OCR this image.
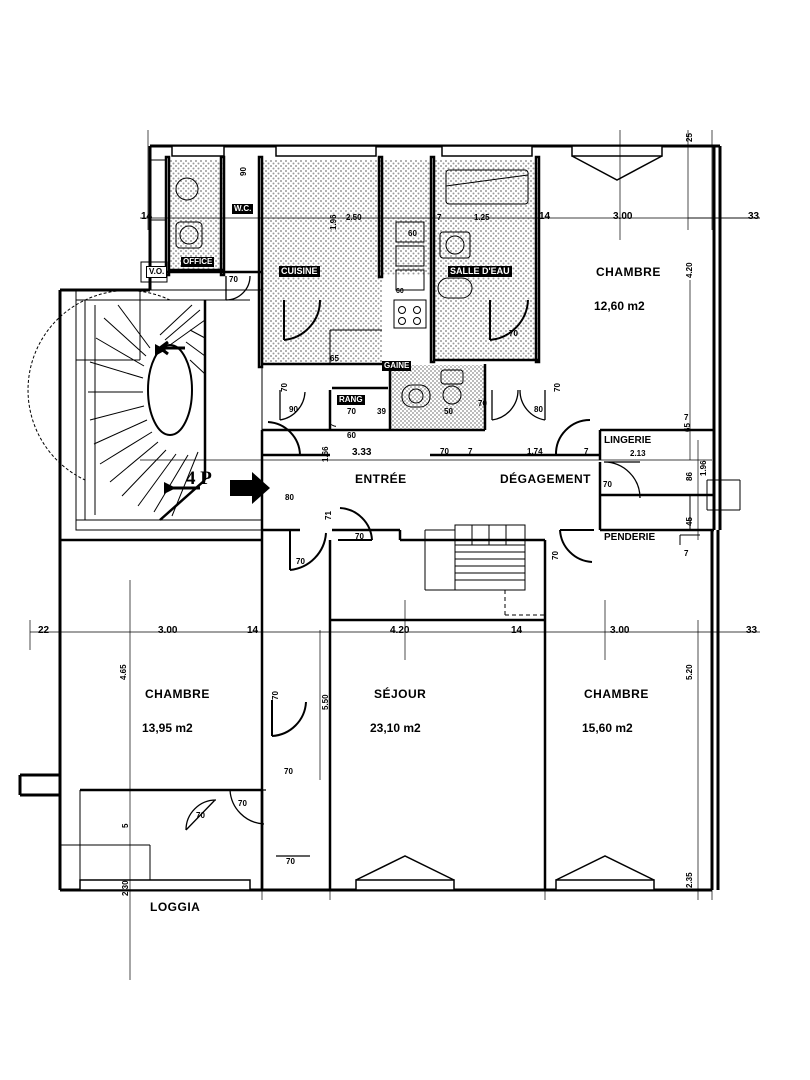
CHAMBRE
12,60 m2
CHAMBRE
13,95 m2
CHAMBRE
15,60 m2
SÉJOUR
23,10 m2
ENTRÉE	DÉGAGEMENT
LOGGIA
CUISINE	SALLE D'EAU
GAINE
RANG
OFFICE
W.C.
V.O.
LINGERIE
PENDERIE
4 P
25
14	14	3.00	33
90
2.50
1.96	7	1.25
70
70
90
65
70	39	50
70
7
60
60
60
70
80
70
80
71
70
70
70
3.33
1.66	70 7	1.74	7
4.20
7
65
2.13
70
86
1.96
45
7
22	3.00	14	4.20	14	3.00	33
4.65
5
2.30
5.50
5.20
2.35
70
70
70
70
70
